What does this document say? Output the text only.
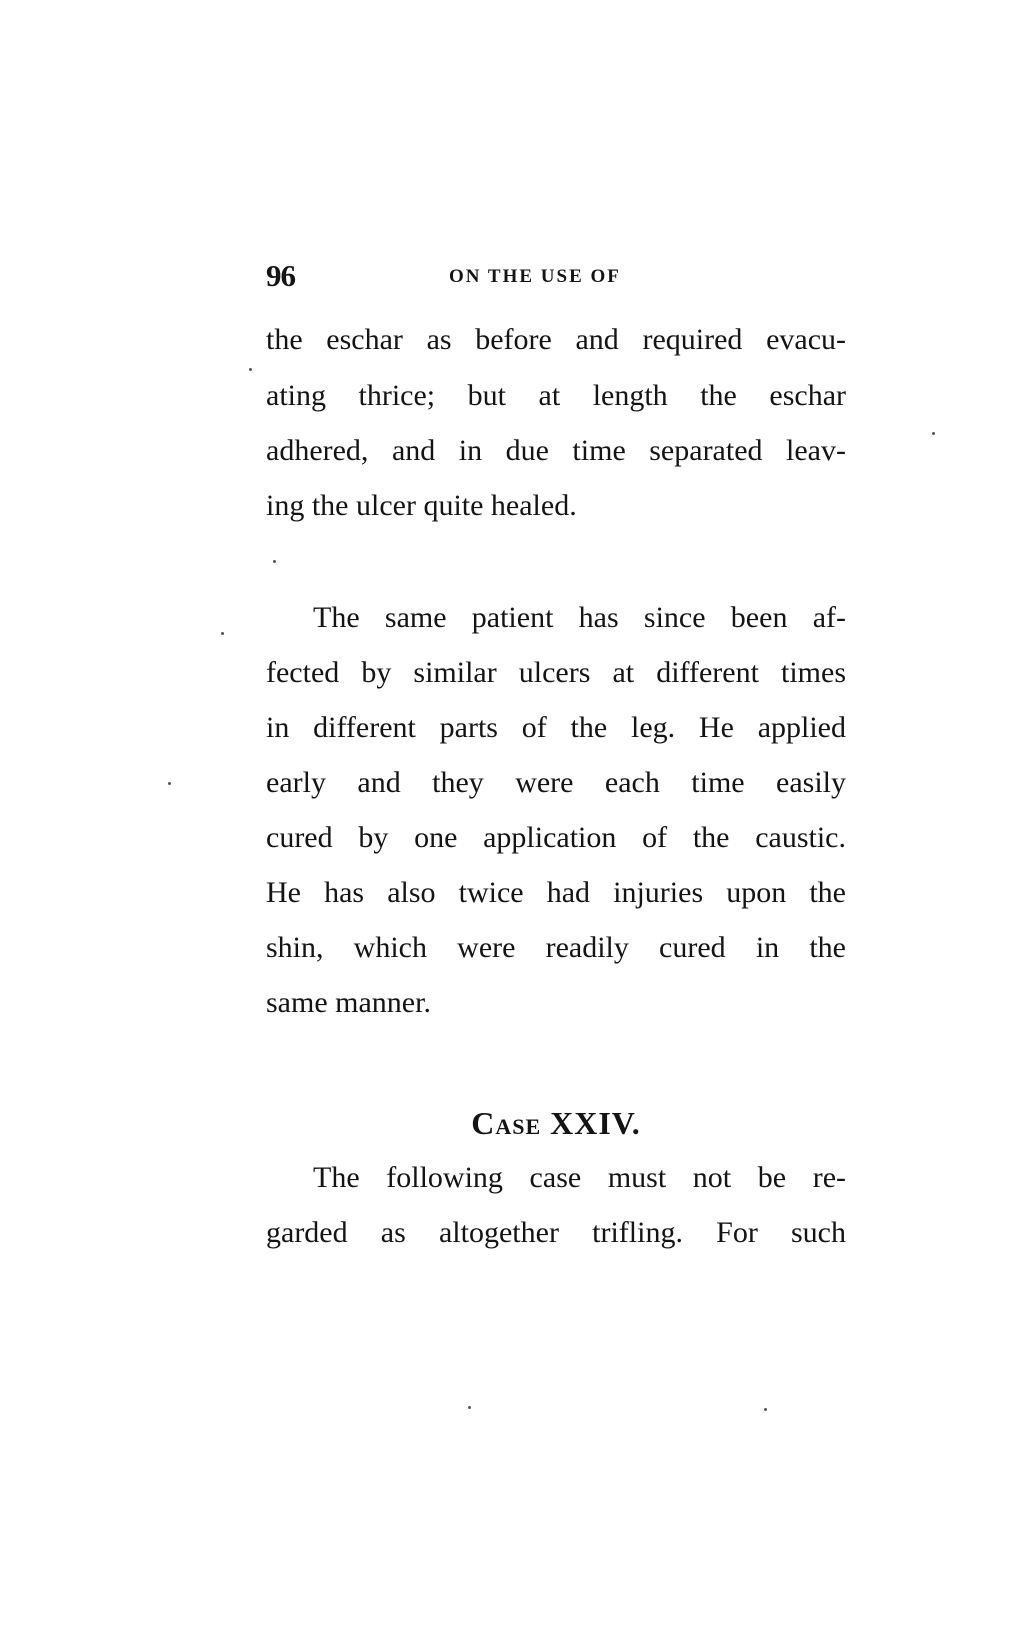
96	ON THE USE OF
the eschar as before and required evacu-
ating thrice; but at length the eschar
adhered, and in due time separated leav-
ing the ulcer quite healed.
The same patient has since been af-
fected by similar ulcers at different times
in different parts of the leg. He applied
early and they were each time easily
cured by one application of the caustic.
He has also twice had injuries upon the
shin, which were readily cured in the
same manner.
Case XXIV.
The following case must not be re-
garded as altogether trifling. For such
